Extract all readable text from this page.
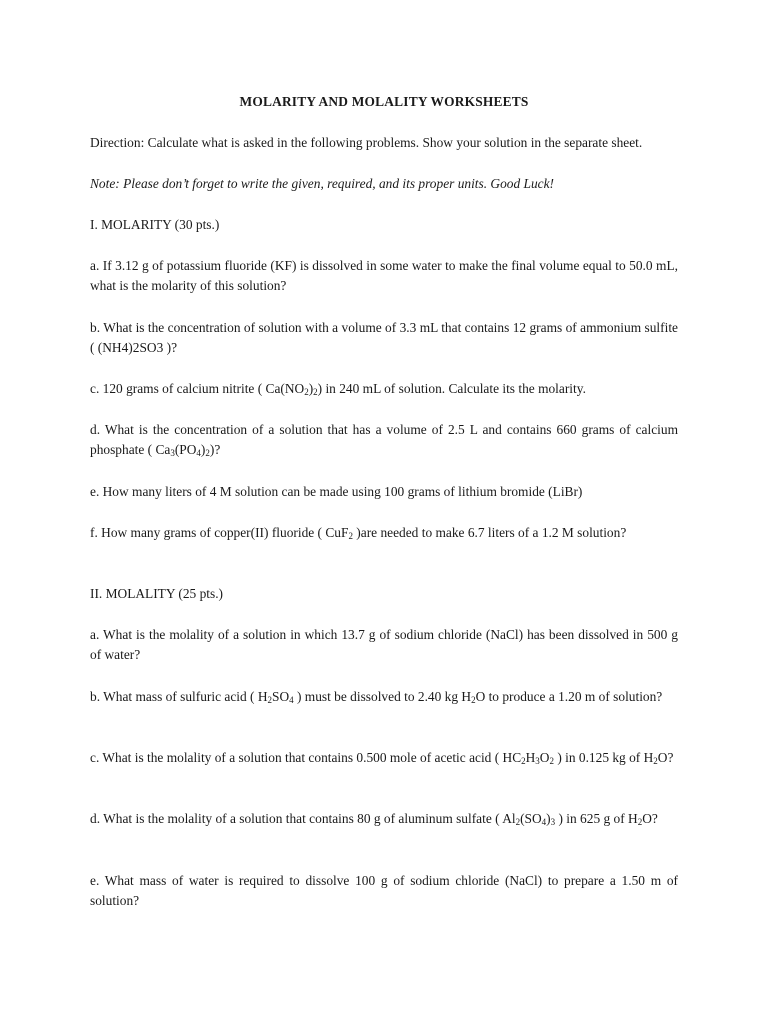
MOLARITY AND MOLALITY WORKSHEETS

Direction: Calculate what is asked in the following problems. Show your solution in the separate sheet.

Note: Please don’t forget to write the given, required, and its proper units. Good Luck!

I. MOLARITY (30 pts.)

a. If 3.12 g of potassium fluoride (KF) is dissolved in some water to make the final volume equal to 50.0 mL, what is the molarity of this solution?

b. What is the concentration of solution with a volume of 3.3 mL that contains 12 grams of ammonium sulfite ( (NH4)2SO3 )?

c. 120 grams of calcium nitrite ( $Ca(NO_2)_2$) in 240 mL of solution. Calculate its the molarity.

d. What is the concentration of a solution that has a volume of 2.5 L and contains 660 grams of calcium phosphate ( $Ca_3(PO_4)_2$)?

e. How many liters of 4 M solution can be made using 100 grams of lithium bromide (LiBr)

f. How many grams of copper(II) fluoride ( CuF$_2$ )are needed to make 6.7 liters of a 1.2 M solution?

II. MOLALITY (25 pts.)

a. What is the molality of a solution in which 13.7 g of sodium chloride (NaCl) has been dissolved in 500 g of water?

b. What mass of sulfuric acid ( $H_2SO_4$ ) must be dissolved to 2.40 kg $H_2O$ to produce a 1.20 m of solution?

c. What is the molality of a solution that contains 0.500 mole of acetic acid ( $HC_2H_3O_2$ ) in 0.125 kg of $H_2O$?

d. What is the molality of a solution that contains 80 g of aluminum sulfate ( $Al_2(SO_4)_3$ ) in 625 g of $H_2O$?

e. What mass of water is required to dissolve 100 g of sodium chloride (NaCl) to prepare a 1.50 m of solution?
